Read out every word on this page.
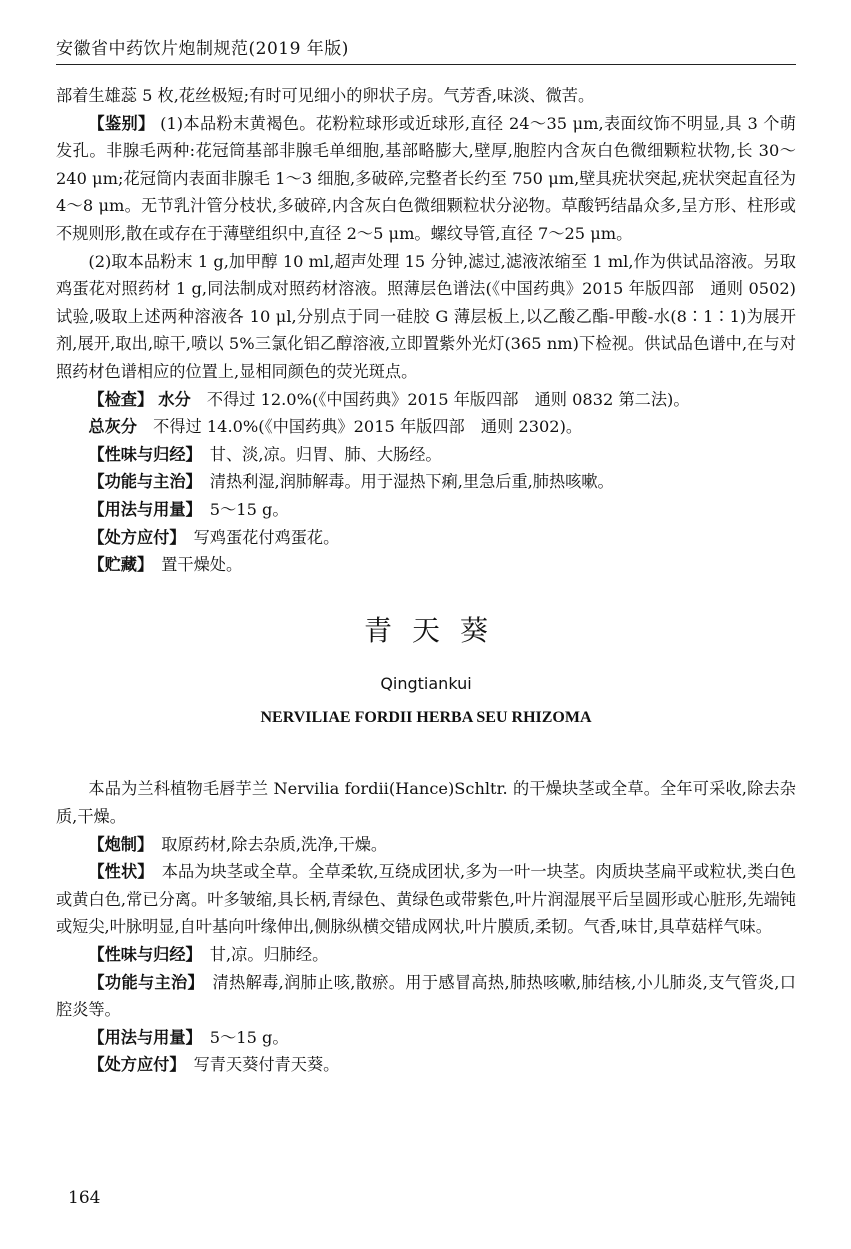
安徽省中药饮片炮制规范(2019 年版)

部着生雄蕊 5 枚,花丝极短;有时可见细小的卵状子房。气芳香,味淡、微苦。

【鉴别】 (1)本品粉末黄褐色。花粉粒球形或近球形,直径 24～35 μm,表面纹饰不明显,具 3 个萌发孔。非腺毛两种:花冠筒基部非腺毛单细胞,基部略膨大,壁厚,胞腔内含灰白色微细颗粒状物,长 30～240 μm;花冠筒内表面非腺毛 1～3 细胞,多破碎,完整者长约至 750 μm,壁具疣状突起,疣状突起直径为 4～8 μm。无节乳汁管分枝状,多破碎,内含灰白色微细颗粒状分泌物。草酸钙结晶众多,呈方形、柱形或不规则形,散在或存在于薄壁组织中,直径 2～5 μm。螺纹导管,直径 7～25 μm。

(2)取本品粉末 1 g,加甲醇 10 ml,超声处理 15 分钟,滤过,滤液浓缩至 1 ml,作为供试品溶液。另取鸡蛋花对照药材 1 g,同法制成对照药材溶液。照薄层色谱法(《中国药典》2015 年版四部　通则 0502)试验,吸取上述两种溶液各 10 μl,分别点于同一硅胶 G 薄层板上,以乙酸乙酯-甲酸-水(8∶1∶1)为展开剂,展开,取出,晾干,喷以 5%三氯化铝乙醇溶液,立即置紫外光灯(365 nm)下检视。供试品色谱中,在与对照药材色谱相应的位置上,显相同颜色的荧光斑点。

【检查】 水分　 不得过 12.0%(《中国药典》2015 年版四部　通则 0832 第二法)。

总灰分　 不得过 14.0%(《中国药典》2015 年版四部　通则 2302)。

【性味与归经】　 甘、淡,凉。归胃、肺、大肠经。

【功能与主治】　 清热利湿,润肺解毒。用于湿热下痢,里急后重,肺热咳嗽。

【用法与用量】　 5～15 g。

【处方应付】　 写鸡蛋花付鸡蛋花。

【贮藏】　 置干燥处。

青天葵
Qingtiankui
NERVILIAE FORDII HERBA SEU RHIZOMA

本品为兰科植物毛唇芋兰 Nervilia fordii(Hance)Schltr. 的干燥块茎或全草。全年可采收,除去杂质,干燥。

【炮制】　 取原药材,除去杂质,洗净,干燥。

【性状】　 本品为块茎或全草。全草柔软,互绕成团状,多为一叶一块茎。肉质块茎扁平或粒状,类白色或黄白色,常已分离。叶多皱缩,具长柄,青绿色、黄绿色或带紫色,叶片润湿展平后呈圆形或心脏形,先端钝或短尖,叶脉明显,自叶基向叶缘伸出,侧脉纵横交错成网状,叶片膜质,柔韧。气香,味甘,具草菇样气味。

【性味与归经】　 甘,凉。归肺经。

【功能与主治】　 清热解毒,润肺止咳,散瘀。用于感冒高热,肺热咳嗽,肺结核,小儿肺炎,支气管炎,口腔炎等。

【用法与用量】　 5～15 g。

【处方应付】　 写青天葵付青天葵。

164
